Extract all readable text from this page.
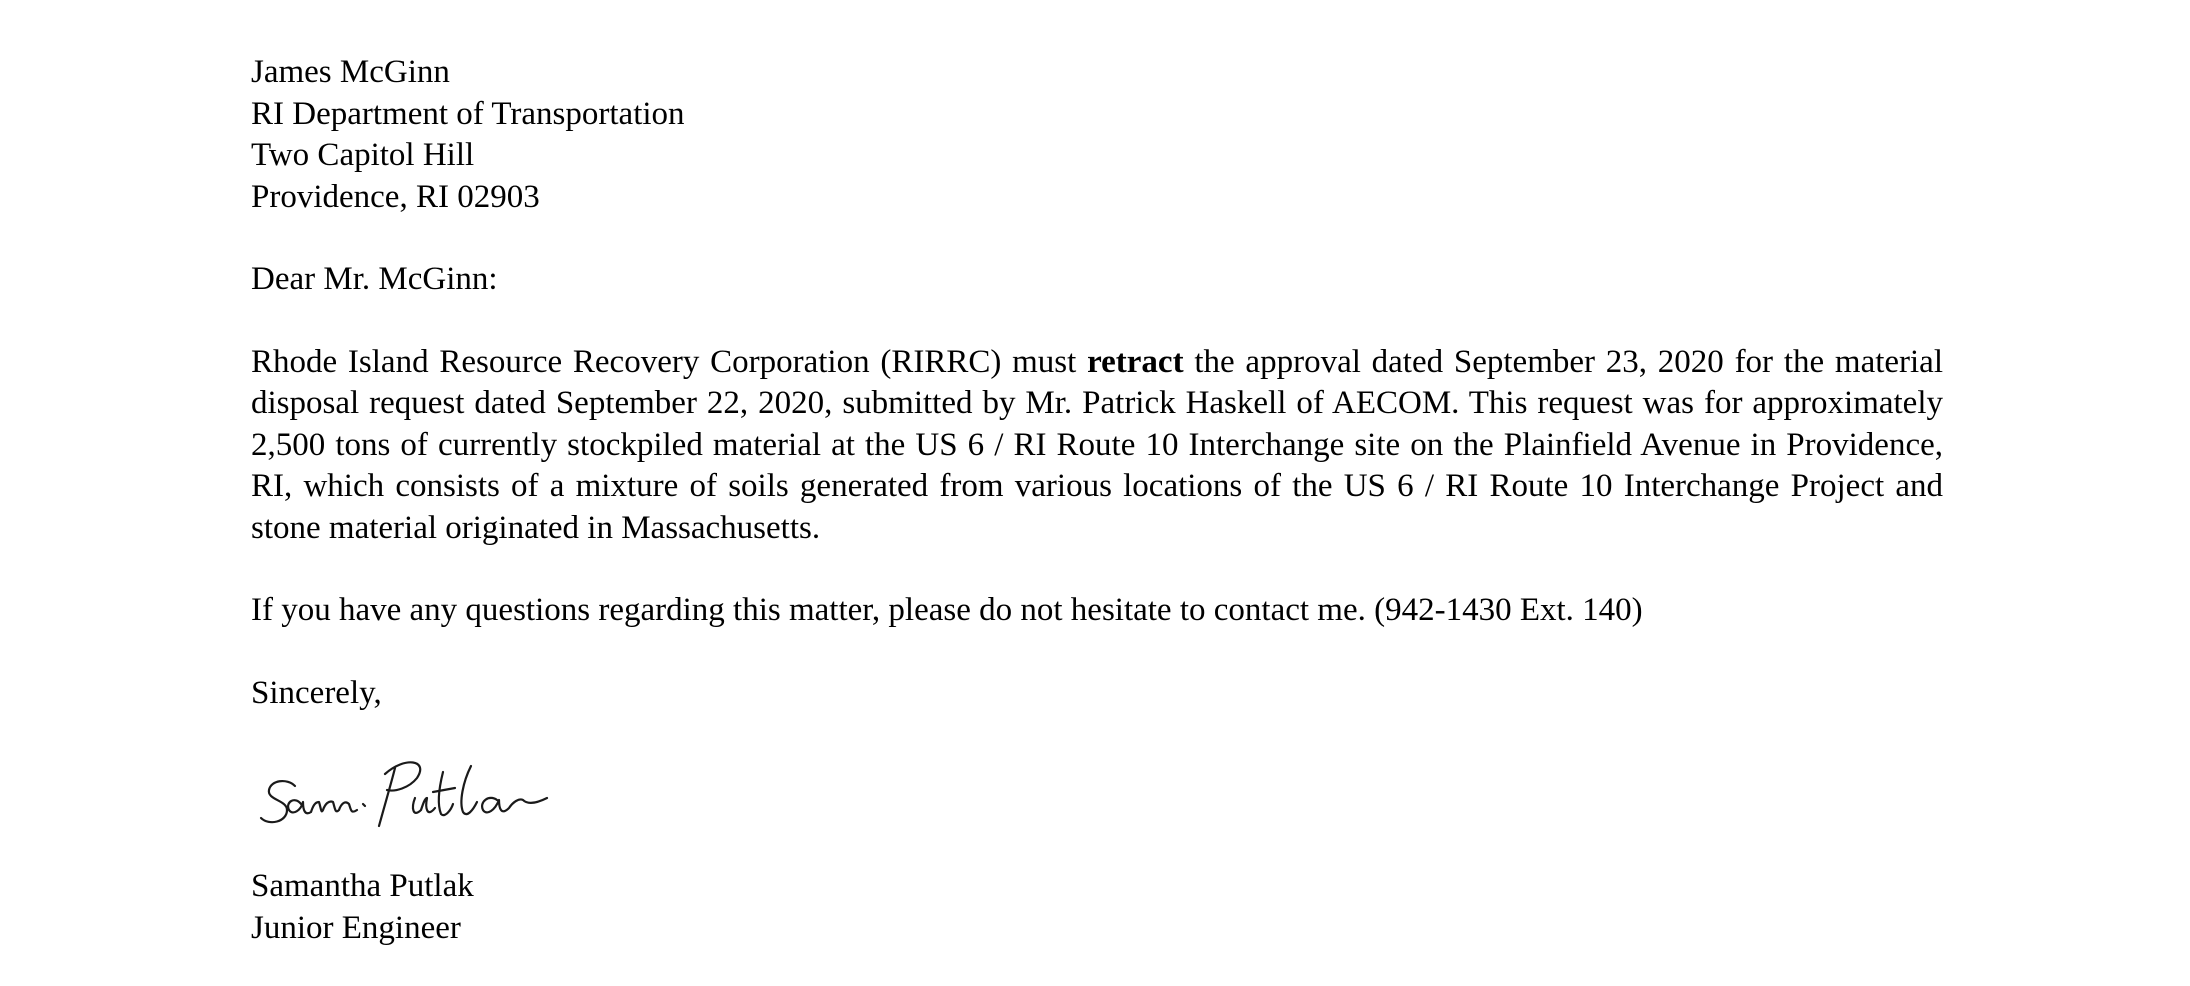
James McGinn
RI Department of Transportation
Two Capitol Hill
Providence, RI 02903
Dear Mr. McGinn:
Rhode Island Resource Recovery Corporation (RIRRC) must retract the approval dated September 23, 2020 for the material disposal request dated September 22, 2020, submitted by Mr. Patrick Haskell of AECOM. This request was for approximately 2,500 tons of currently stockpiled material at the US 6 / RI Route 10 Interchange site on the Plainfield Avenue in Providence, RI, which consists of a mixture of soils generated from various locations of the US 6 / RI Route 10 Interchange Project and stone material originated in Massachusetts.
If you have any questions regarding this matter, please do not hesitate to contact me. (942-1430 Ext. 140)
Sincerely,
Samantha Putlak
Junior Engineer
